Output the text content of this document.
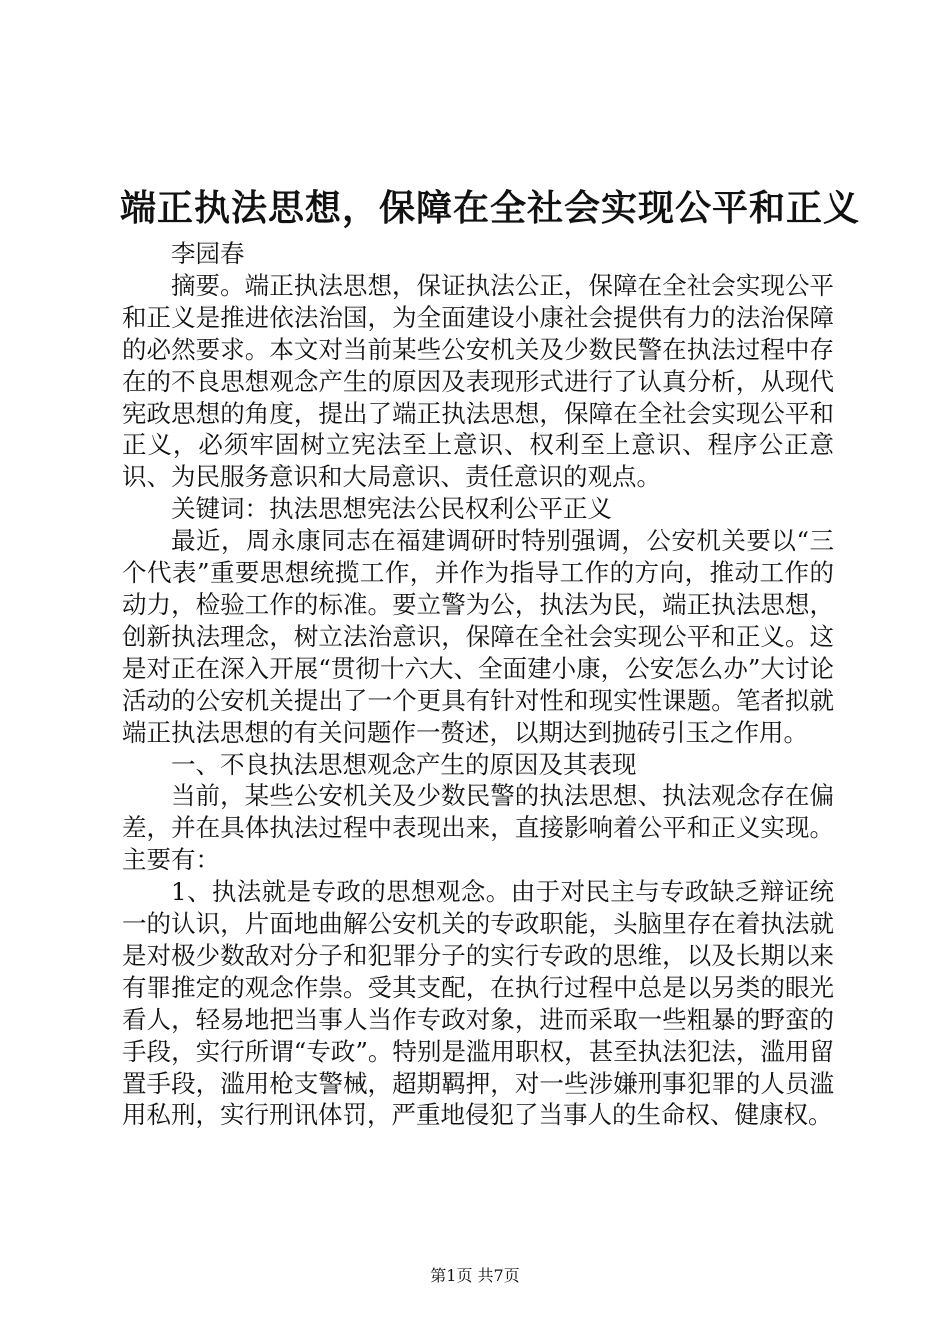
端正执法思想，保障在全社会实现公平和正义

李园春

摘要。端正执法思想，保证执法公正，保障在全社会实现公平和正义是推进依法治国，为全面建设小康社会提供有力的法治保障的必然要求。本文对当前某些公安机关及少数民警在执法过程中存在的不良思想观念产生的原因及表现形式进行了认真分析，从现代宪政思想的角度，提出了端正执法思想，保障在全社会实现公平和正义，必须牢固树立宪法至上意识、权利至上意识、程序公正意识、为民服务意识和大局意识、责任意识的观点。

关键词：执法思想宪法公民权利公平正义

最近，周永康同志在福建调研时特别强调，公安机关要以“三个代表”重要思想统揽工作，并作为指导工作的方向，推动工作的动力，检验工作的标准。要立警为公，执法为民，端正执法思想，创新执法理念，树立法治意识，保障在全社会实现公平和正义。这是对正在深入开展“贯彻十六大、全面建小康，公安怎么办”大讨论活动的公安机关提出了一个更具有针对性和现实性课题。笔者拟就端正执法思想的有关问题作一赘述，以期达到抛砖引玉之作用。

一、不良执法思想观念产生的原因及其表现

当前，某些公安机关及少数民警的执法思想、执法观念存在偏差，并在具体执法过程中表现出来，直接影响着公平和正义实现。主要有：

1、执法就是专政的思想观念。由于对民主与专政缺乏辩证统一的认识，片面地曲解公安机关的专政职能，头脑里存在着执法就是对极少数敌对分子和犯罪分子的实行专政的思维，以及长期以来有罪推定的观念作祟。受其支配，在执行过程中总是以另类的眼光看人，轻易地把当事人当作专政对象，进而采取一些粗暴的野蛮的手段，实行所谓“专政”。特别是滥用职权，甚至执法犯法，滥用留置手段，滥用枪支警械，超期羁押，对一些涉嫌刑事犯罪的人员滥用私刑，实行刑讯体罚，严重地侵犯了当事人的生命权、健康权。

第1页 共7页
